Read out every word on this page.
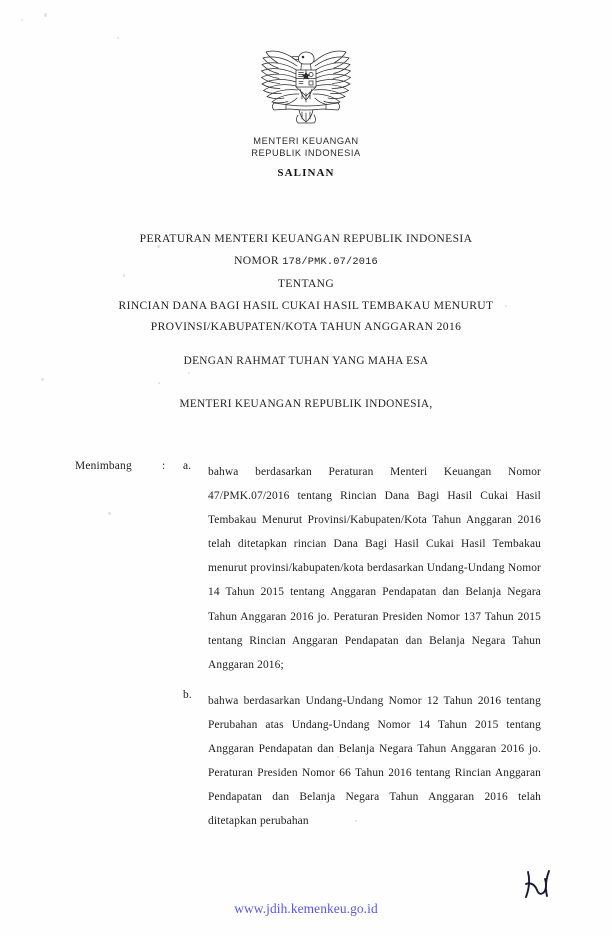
MENTERI KEUANGAN
REPUBLIK INDONESIA
SALINAN
PERATURAN MENTERI KEUANGAN REPUBLIK INDONESIA
NOMOR 178/PMK.07/2016
TENTANG
RINCIAN DANA BAGI HASIL CUKAI HASIL TEMBAKAU MENURUT
PROVINSI/KABUPATEN/KOTA TAHUN ANGGARAN 2016
DENGAN RAHMAT TUHAN YANG MAHA ESA
MENTERI KEUANGAN REPUBLIK INDONESIA,
Menimbang	: a.	bahwa berdasarkan Peraturan Menteri Keuangan Nomor 47/PMK.07/2016 tentang Rincian Dana Bagi Hasil Cukai Hasil Tembakau Menurut Provinsi/Kabupaten/Kota Tahun Anggaran 2016 telah ditetapkan rincian Dana Bagi Hasil Cukai Hasil Tembakau menurut provinsi/kabupaten/kota berdasarkan Undang-Undang Nomor 14 Tahun 2015 tentang Anggaran Pendapatan dan Belanja Negara Tahun Anggaran 2016 jo. Peraturan Presiden Nomor 137 Tahun 2015 tentang Rincian Anggaran Pendapatan dan Belanja Negara Tahun Anggaran 2016;
b.	bahwa berdasarkan Undang-Undang Nomor 12 Tahun 2016 tentang Perubahan atas Undang-Undang Nomor 14 Tahun 2015 tentang Anggaran Pendapatan dan Belanja Negara Tahun Anggaran 2016 jo. Peraturan Presiden Nomor 66 Tahun 2016 tentang Rincian Anggaran Pendapatan dan Belanja Negara Tahun Anggaran 2016 telah ditetapkan perubahan
www.jdih.kemenkeu.go.id
